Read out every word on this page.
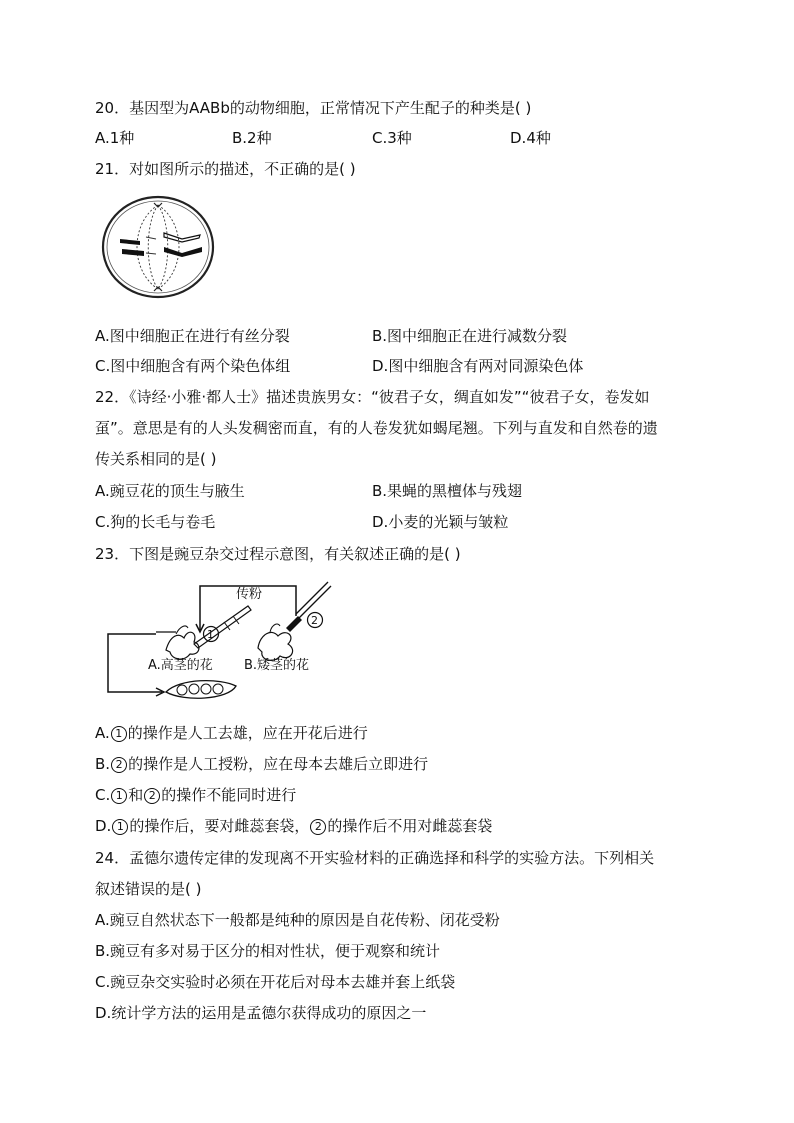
20．基因型为AABb的动物细胞，正常情况下产生配子的种类是( )
A.1种	B.2种	C.3种	D.4种
21．对如图所示的描述，不正确的是( )
A.图中细胞正在进行有丝分裂	B.图中细胞正在进行减数分裂
C.图中细胞含有两个染色体组	D.图中细胞含有两对同源染色体
22．《诗经·小雅·都人士》描述贵族男女：“彼君子女，绸直如发”“彼君子女，卷发如
虿”。意思是有的人头发稠密而直，有的人卷发犹如蝎尾翘。下列与直发和自然卷的遗
传关系相同的是( )
A.豌豆花的顶生与腋生	B.果蝇的黑檀体与残翅
C.狗的长毛与卷毛	D.小麦的光颖与皱粒
23．下图是豌豆杂交过程示意图，有关叙述正确的是( )
传粉
1
2
A.高茎的花 B.矮茎的花
A. 1 的操作是人工去雄，应在开花后进行
B. 2 的操作是人工授粉，应在母本去雄后立即进行
C. 1 和 2 的操作不能同时进行
D. 1 的操作后，要对雌蕊套袋， 2 的操作后不用对雌蕊套袋
24．孟德尔遗传定律的发现离不开实验材料的正确选择和科学的实验方法。下列相关
叙述错误的是( )
A.豌豆自然状态下一般都是纯种的原因是自花传粉、闭花受粉
B.豌豆有多对易于区分的相对性状，便于观察和统计
C.豌豆杂交实验时必须在开花后对母本去雄并套上纸袋
D.统计学方法的运用是孟德尔获得成功的原因之一
